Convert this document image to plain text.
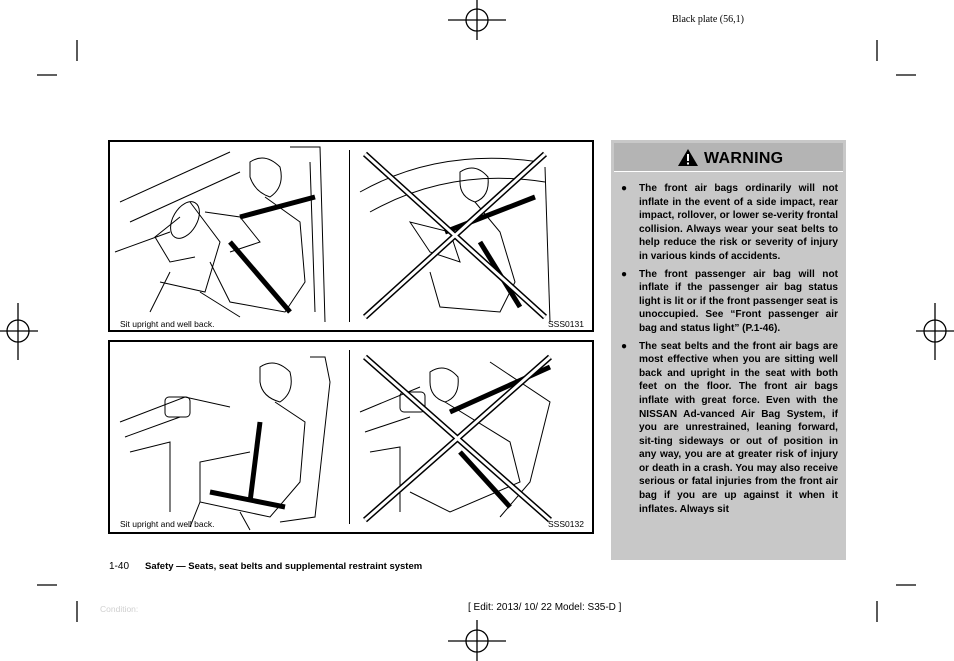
Black plate (56,1)
Sit upright and well back.	SSS0131
Sit upright and well back.	SSS0132
WARNING
● The front air bags ordinarily will not inflate in the event of a side impact, rear impact, rollover, or lower se-verity frontal collision. Always wear your seat belts to help reduce the risk or severity of injury in various kinds of accidents.
● The front passenger air bag will not inflate if the passenger air bag status light is lit or if the front passenger seat is unoccupied. See “Front passenger air bag and status light” (P.1-46).
● The seat belts and the front air bags are most effective when you are sitting well back and upright in the seat with both feet on the floor. The front air bags inflate with great force. Even with the NISSAN Ad-vanced Air Bag System, if you are unrestrained, leaning forward, sit-ting sideways or out of position in any way, you are at greater risk of injury or death in a crash. You may also receive serious or fatal injuries from the front air bag if you are up against it when it inflates. Always sit
1-40 Safety — Seats, seat belts and supplemental restraint system
Condition:	[ Edit: 2013/ 10/ 22 Model: S35-D ]
